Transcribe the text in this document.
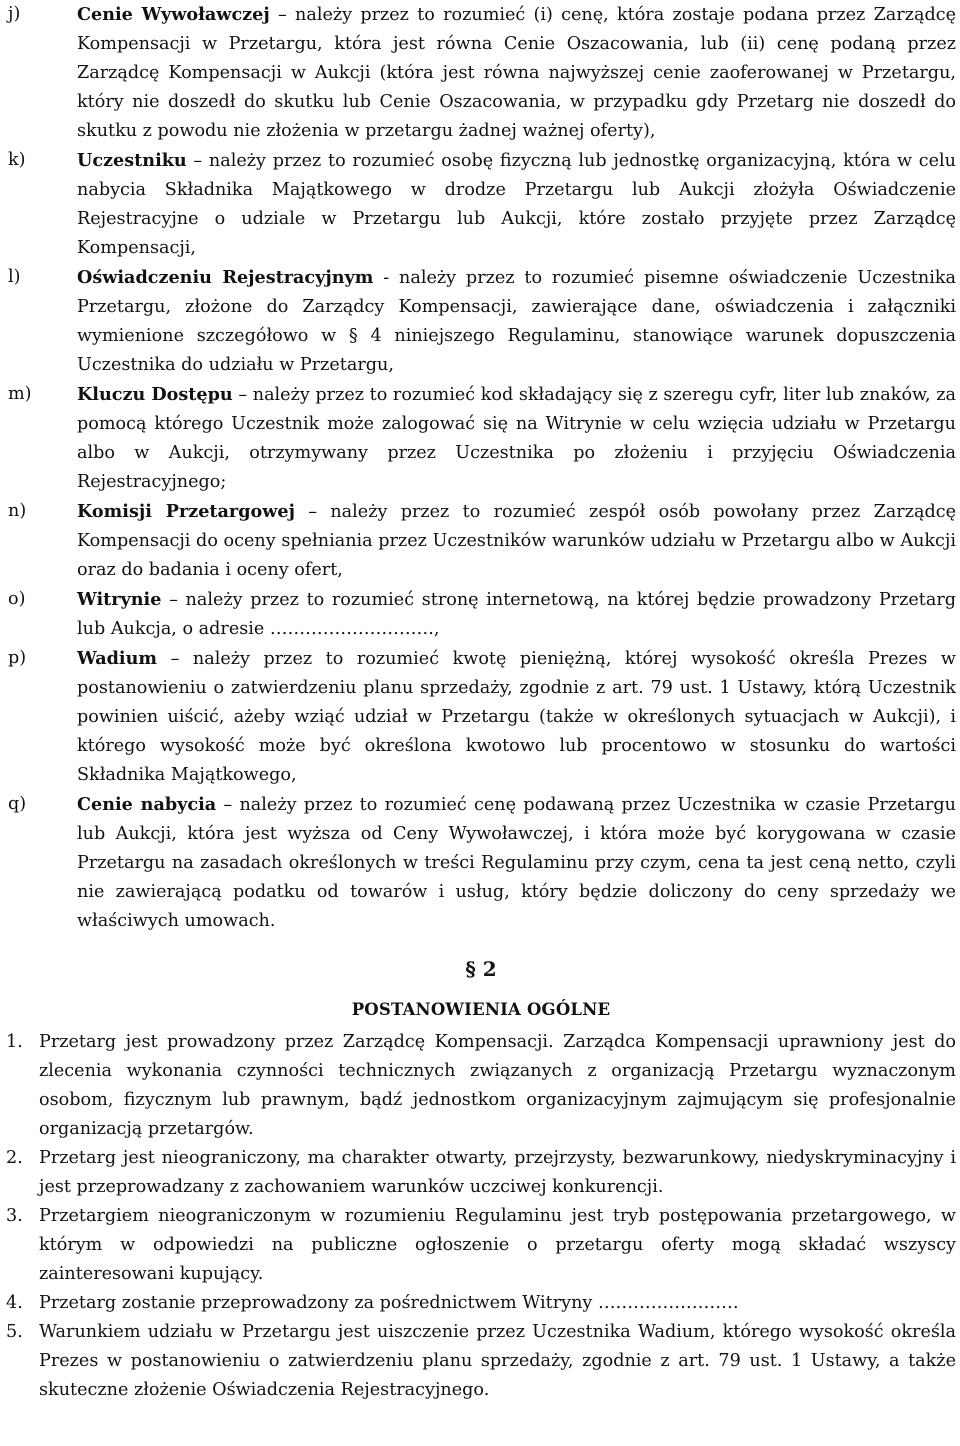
j)	Cenie Wywoławczej – należy przez to rozumieć (i) cenę, która zostaje podana przez Zarządcę Kompensacji w Przetargu, która jest równa Cenie Oszacowania, lub (ii) cenę podaną przez Zarządcę Kompensacji w Aukcji (która jest równa najwyższej cenie zaoferowanej w Przetargu, który nie doszedł do skutku lub Cenie Oszacowania, w przypadku gdy Przetarg nie doszedł do skutku z powodu nie złożenia w przetargu żadnej ważnej oferty),
k)	Uczestniku – należy przez to rozumieć osobę fizyczną lub jednostkę organizacyjną, która w celu nabycia Składnika Majątkowego w drodze Przetargu lub Aukcji złożyła Oświadczenie Rejestracyjne o udziale w Przetargu lub Aukcji, które zostało przyjęte przez Zarządcę Kompensacji,
l)	Oświadczeniu Rejestracyjnym - należy przez to rozumieć pisemne oświadczenie Uczestnika Przetargu, złożone do Zarządcy Kompensacji, zawierające dane, oświadczenia i załączniki wymienione szczegółowo w § 4 niniejszego Regulaminu, stanowiące warunek dopuszczenia Uczestnika do udziału w Przetargu,
m)	Kluczu Dostępu – należy przez to rozumieć kod składający się z szeregu cyfr, liter lub znaków, za pomocą którego Uczestnik może zalogować się na Witrynie w celu wzięcia udziału w Przetargu albo w Aukcji, otrzymywany przez Uczestnika po złożeniu i przyjęciu Oświadczenia Rejestracyjnego;
n)	Komisji Przetargowej – należy przez to rozumieć zespół osób powołany przez Zarządcę Kompensacji do oceny spełniania przez Uczestników warunków udziału w Przetargu albo w Aukcji oraz do badania i oceny ofert,
o)	Witrynie – należy przez to rozumieć stronę internetową, na której będzie prowadzony Przetarg lub Aukcja, o adresie ……………………….,
p)	Wadium – należy przez to rozumieć kwotę pieniężną, której wysokość określa Prezes w postanowieniu o zatwierdzeniu planu sprzedaży, zgodnie z art. 79 ust. 1 Ustawy, którą Uczestnik powinien uiścić, ażeby wziąć udział w Przetargu (także w określonych sytuacjach w Aukcji), i którego wysokość może być określona kwotowo lub procentowo w stosunku do wartości Składnika Majątkowego,
q)	Cenie nabycia – należy przez to rozumieć cenę podawaną przez Uczestnika w czasie Przetargu lub Aukcji, która jest wyższa od Ceny Wywoławczej, i która może być korygowana w czasie Przetargu na zasadach określonych w treści Regulaminu przy czym, cena ta jest ceną netto, czyli nie zawierającą podatku od towarów i usług, który będzie doliczony do ceny sprzedaży we właściwych umowach.
§ 2
POSTANOWIENIA OGÓLNE
1. Przetarg jest prowadzony przez Zarządcę Kompensacji. Zarządca Kompensacji uprawniony jest do zlecenia wykonania czynności technicznych związanych z organizacją Przetargu wyznaczonym osobom, fizycznym lub prawnym, bądź jednostkom organizacyjnym zajmującym się profesjonalnie organizacją przetargów.
2. Przetarg jest nieograniczony, ma charakter otwarty, przejrzysty, bezwarunkowy, niedyskryminacyjny i jest przeprowadzany z zachowaniem warunków uczciwej konkurencji.
3. Przetargiem nieograniczonym w rozumieniu Regulaminu jest tryb postępowania przetargowego, w którym w odpowiedzi na publiczne ogłoszenie o przetargu oferty mogą składać wszyscy zainteresowani kupujący.
4. Przetarg zostanie przeprowadzony za pośrednictwem Witryny ……………………
5. Warunkiem udziału w Przetargu jest uiszczenie przez Uczestnika Wadium, którego wysokość określa Prezes w postanowieniu o zatwierdzeniu planu sprzedaży, zgodnie z art. 79 ust. 1 Ustawy, a także skuteczne złożenie Oświadczenia Rejestracyjnego.
